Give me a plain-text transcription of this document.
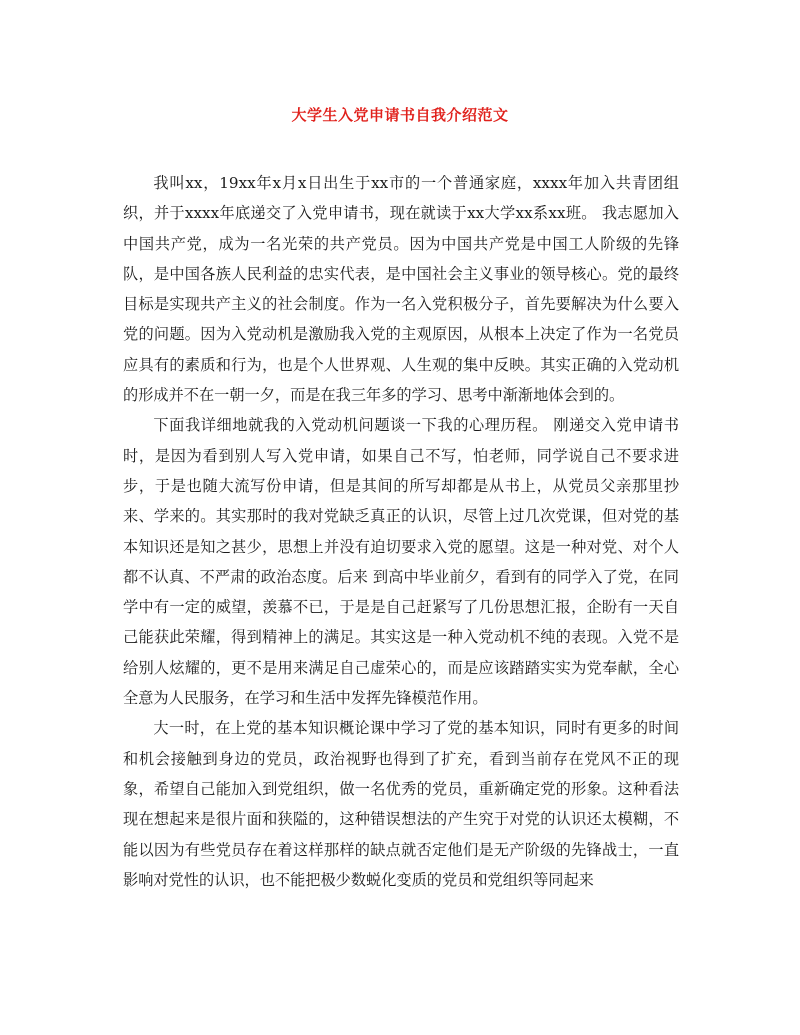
大学生入党申请书自我介绍范文

我叫xx，19xx年x月x日出生于xx市的一个普通家庭，xxxx年加入共青团组织，并于xxxx年底递交了入党申请书，现在就读于xx大学xx系xx班。 我志愿加入中国共产党，成为一名光荣的共产党员。因为中国共产党是中国工人阶级的先锋队，是中国各族人民利益的忠实代表，是中国社会主义事业的领导核心。党的最终目标是实现共产主义的社会制度。作为一名入党积极分子，首先要解决为什么要入党的问题。因为入党动机是激励我入党的主观原因，从根本上决定了作为一名党员应具有的素质和行为，也是个人世界观、人生观的集中反映。其实正确的入党动机的形成并不在一朝一夕，而是在我三年多的学习、思考中渐渐地体会到的。

下面我详细地就我的入党动机问题谈一下我的心理历程。 刚递交入党申请书时，是因为看到别人写入党申请，如果自己不写，怕老师，同学说自己不要求进步，于是也随大流写份申请，但是其间的所写却都是从书上，从党员父亲那里抄来、学来的。其实那时的我对党缺乏真正的认识，尽管上过几次党课，但对党的基本知识还是知之甚少，思想上并没有迫切要求入党的愿望。这是一种对党、对个人都不认真、不严肃的政治态度。后来 到高中毕业前夕，看到有的同学入了党，在同学中有一定的威望，羡慕不已，于是是自己赶紧写了几份思想汇报，企盼有一天自己能获此荣耀，得到精神上的满足。其实这是一种入党动机不纯的表现。入党不是给别人炫耀的，更不是用来满足自己虚荣心的，而是应该踏踏实实为党奉献，全心全意为人民服务，在学习和生活中发挥先锋模范作用。

大一时，在上党的基本知识概论课中学习了党的基本知识，同时有更多的时间和机会接触到身边的党员，政治视野也得到了扩充，看到当前存在党风不正的现象，希望自己能加入到党组织，做一名优秀的党员，重新确定党的形象。这种看法现在想起来是很片面和狭隘的，这种错误想法的产生究于对党的认识还太模糊，不能以因为有些党员存在着这样那样的缺点就否定他们是无产阶级的先锋战士，一直影响对党性的认识，也不能把极少数蜕化变质的党员和党组织等同起来
